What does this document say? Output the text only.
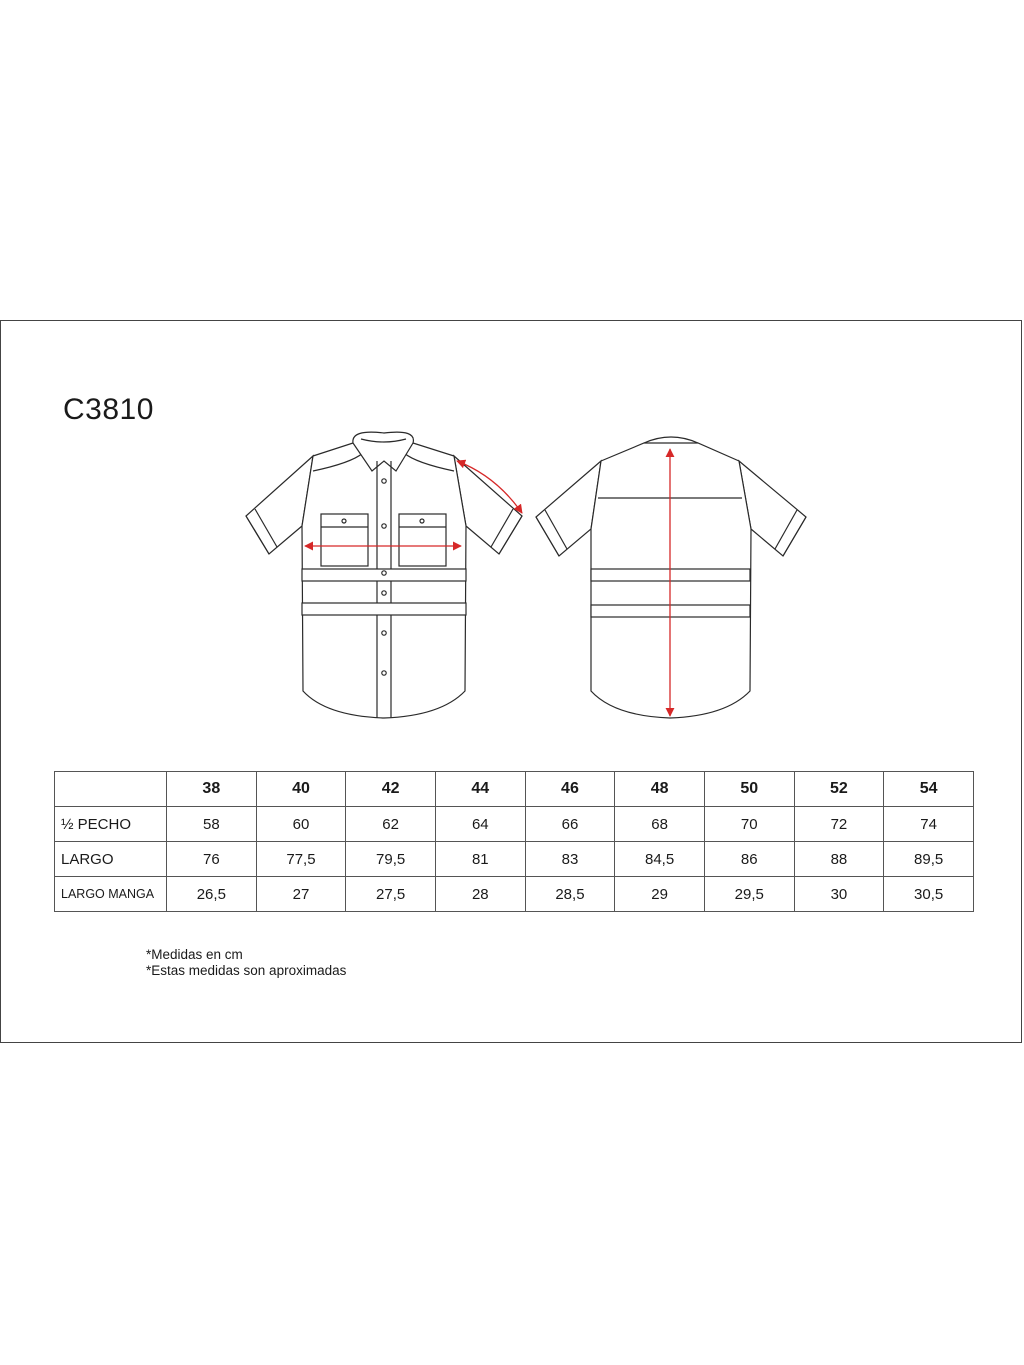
C3810
	38	40	42	44	46	48	50	52	54
½ PECHO	58	60	62	64	66	68	70	72	74
LARGO	76	77,5	79,5	81	83	84,5	86	88	89,5
LARGO MANGA	26,5	27	27,5	28	28,5	29	29,5	30	30,5
*Medidas en cm
*Estas medidas son aproximadas
